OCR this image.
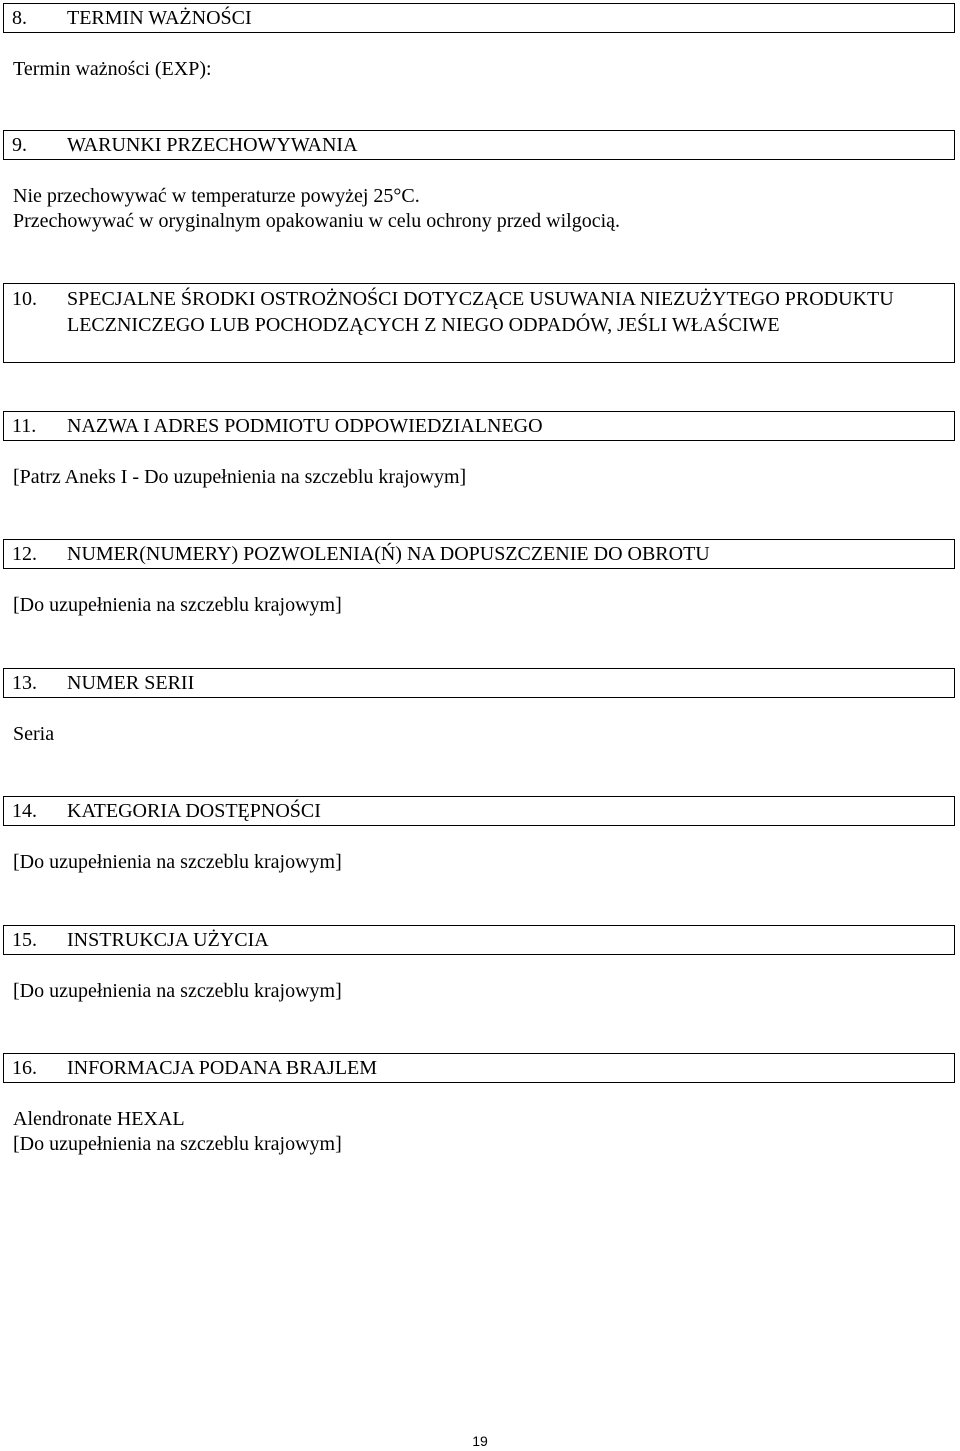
8.	TERMIN WAŻNOŚCI
Termin ważności (EXP):
9.	WARUNKI PRZECHOWYWANIA
Nie przechowywać w temperaturze powyżej 25°C.
Przechowywać w oryginalnym opakowaniu w celu ochrony przed wilgocią.
10.	SPECJALNE ŚRODKI OSTROŻNOŚCI DOTYCZĄCE USUWANIA NIEZUŻYTEGO PRODUKTU LECZNICZEGO LUB POCHODZĄCYCH Z NIEGO ODPADÓW, JEŚLI WŁAŚCIWE
11.	NAZWA I ADRES PODMIOTU ODPOWIEDZIALNEGO
[Patrz Aneks I - Do uzupełnienia na szczeblu krajowym]
12.	NUMER(NUMERY) POZWOLENIA(Ń) NA DOPUSZCZENIE DO OBROTU
[Do uzupełnienia na szczeblu krajowym]
13.	NUMER SERII
Seria
14.	KATEGORIA DOSTĘPNOŚCI
[Do uzupełnienia na szczeblu krajowym]
15.	INSTRUKCJA UŻYCIA
[Do uzupełnienia na szczeblu krajowym]
16.	INFORMACJA PODANA BRAJLEM
Alendronate HEXAL
[Do uzupełnienia na szczeblu krajowym]
19
